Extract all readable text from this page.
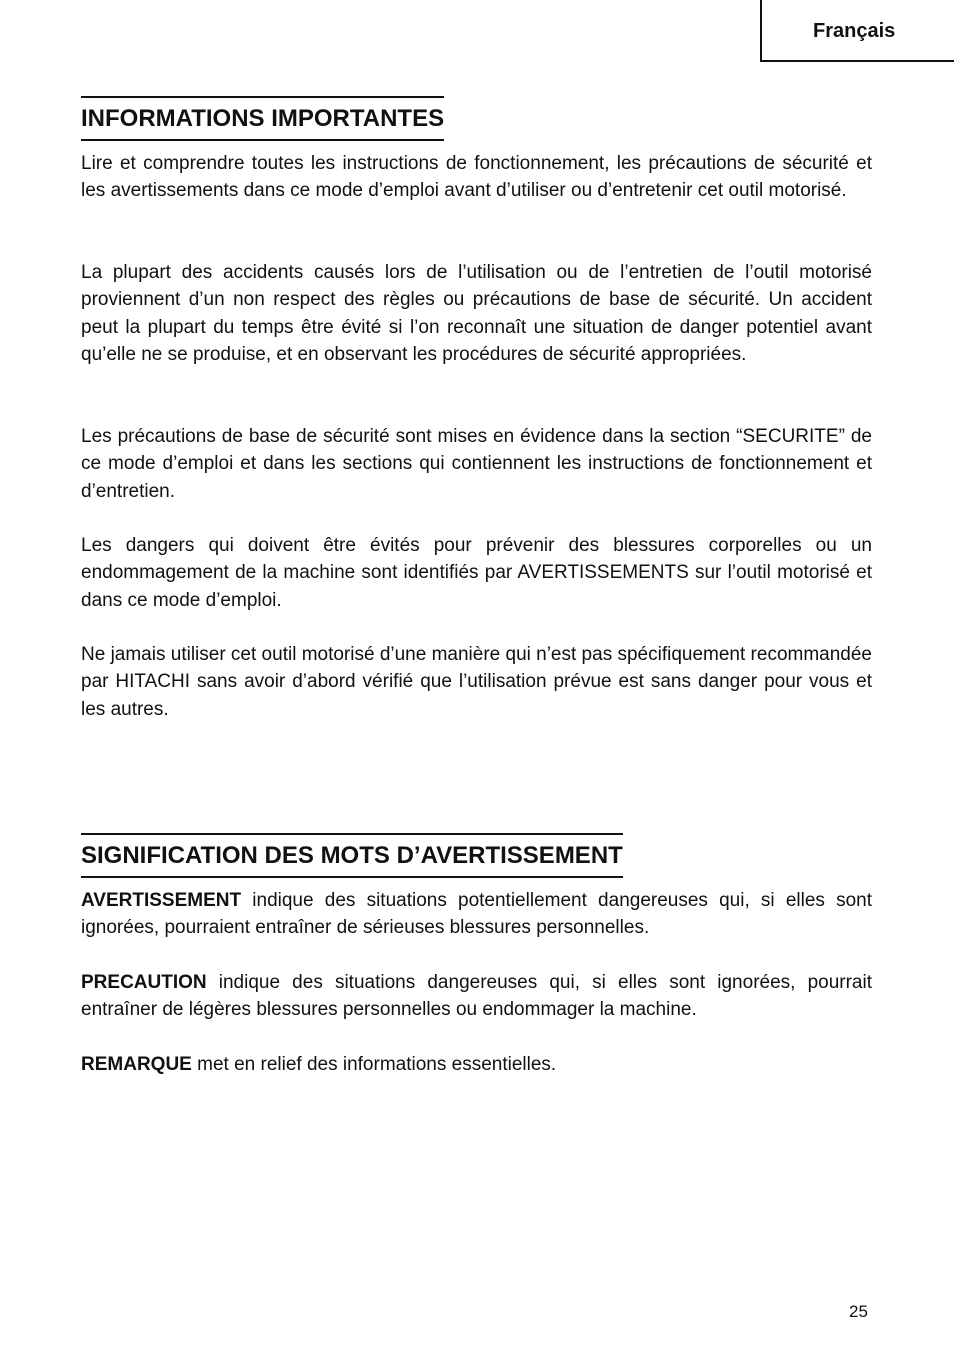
Français
INFORMATIONS IMPORTANTES
Lire et comprendre toutes les instructions de fonctionnement, les précautions de sécurité et les avertissements dans ce mode d’emploi avant d’utiliser ou d’entretenir cet outil motorisé.
La plupart des accidents causés lors de l’utilisation ou de l’entretien de l’outil motorisé proviennent d’un non respect des règles ou précautions de base de sécurité. Un accident peut la plupart du temps être évité si l’on reconnaît une situation de danger potentiel avant qu’elle ne se produise, et en observant les procédures de sécurité appropriées.
Les précautions de base de sécurité sont mises en évidence dans la section “SECURITE” de ce mode d’emploi et dans les sections qui contiennent les instructions de fonctionnement et d’entretien.
Les dangers qui doivent être évités pour prévenir des blessures corporelles ou un endommagement de la machine sont identifiés par AVERTISSEMENTS sur l’outil motorisé et dans ce mode d’emploi.
Ne jamais utiliser cet outil motorisé d’une manière qui n’est pas spécifiquement recommandée par HITACHI sans avoir d’abord vérifié que l’utilisation prévue est sans danger pour vous et les autres.
SIGNIFICATION DES MOTS D’AVERTISSEMENT
AVERTISSEMENT indique des situations potentiellement dangereuses qui, si elles sont ignorées, pourraient entraîner de sérieuses blessures personnelles.
PRECAUTION indique des situations dangereuses qui, si elles sont ignorées, pourrait entraîner de légères blessures personnelles ou endommager la machine.
REMARQUE met en relief des informations essentielles.
25
